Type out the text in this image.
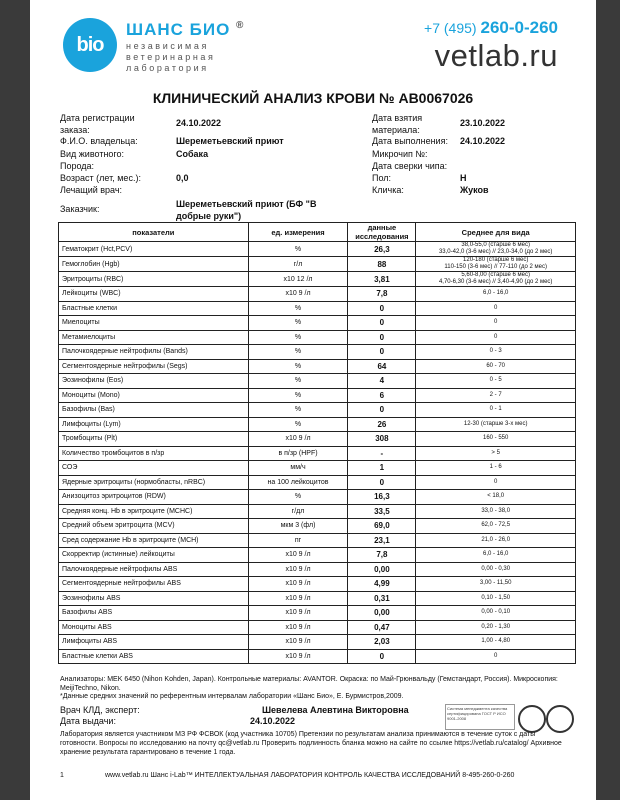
bio
ШАНС БИО ®
независимая
ветеринарная
лаборатория
+7 (495) 260-0-260
vetlab.ru
КЛИНИЧЕСКИЙ АНАЛИЗ КРОВИ № АВ0067026
Дата регистрации заказа:
24.10.2022
Ф.И.О. владельца:	Шереметьевский приют
Вид животного:	Собака
Порода:
Возраст (лет, мес.):	0,0
Лечащий врач:
Заказчик:	Шереметьевский приют (БФ "В добрые руки")
Дата взятия материала:
23.10.2022
Дата выполнения: 24.10.2022
Микрочип №:
Дата сверки чипа:
Пол:	Н
Кличка:	Жуков
показатели	ед. измерения	данные исследования	Среднее для вида
Гематокрит (Hct,PCV)	%	26,3	38,0-55,0 (старше 6 мес)
33,0-42,0 (3-6 мес) // 23,0-34,0 (до 2 мес)
Гемоглобин (Hgb)	г/л	88	120-180 (старше 6 мес)
110-150 (3-6 мес) // 77-110 (до 2 мес)
Эритроциты (RBC)	x10 12 /л	3,81	5,60-8,00 (старше 6 мес)
4,70-6,30 (3-6 мес) // 3,40-4,90 (до 2 мес)
Лейкоциты (WBC)	x10 9 /л	7,8	6,0 - 16,0
Бластные клетки	%	0	0
Миелоциты	%	0	0
Метамиелоциты	%	0	0
Палочкоядерные нейтрофилы (Bands)	%	0	0 - 3
Сегментоядерные нейтрофилы (Segs)	%	64	60 - 70
Эозинофилы (Eos)	%	4	0 - 5
Моноциты (Mono)	%	6	2 - 7
Базофилы (Bas)	%	0	0 - 1
Лимфоциты (Lym)	%	26	12-30 (старше 3-х мес)
Тромбоциты (Plt)	x10 9 /л	308	160 - 550
Количество тромбоцитов в п/зр	в п/зр (HPF)	-	> 5
СОЭ	мм/ч	1	1 - 6
Ядерные эритроциты (нормобласты, nRBC)	на 100 лейкоцитов	0	0
Анизоцитоз эритроцитов (RDW)	%	16,3	< 18,0
Средняя конц. Hb в эритроците (MCHC)	г/дл	33,5	33,0 - 38,0
Средний объем эритроцита (MCV)	мкм 3 (фл)	69,0	62,0 - 72,5
Сред содержание Hb в эритроците (MCH)	пг	23,1	21,0 - 26,0
Скорректир (истинные) лейкоциты	x10 9 /л	7,8	6,0 - 16,0
Палочкоядерные нейтрофилы ABS	x10 9 /л	0,00	0,00 - 0,30
Сегментоядерные нейтрофилы ABS	x10 9 /л	4,99	3,00 - 11,50
Эозинофилы ABS	x10 9 /л	0,31	0,10 - 1,50
Базофилы ABS	x10 9 /л	0,00	0,00 - 0,10
Моноциты ABS	x10 9 /л	0,47	0,20 - 1,30
Лимфоциты ABS	x10 9 /л	2,03	1,00 - 4,80
Бластные клетки ABS	x10 9 /л	0	0
Анализаторы: MEK 6450 (Nihon Kohden, Japan). Контрольные материалы: AVANTOR. Окраска: по Май-Грюнвальду (Гемстандарт, Россия). Микроскопия: MeijiTechno, Nikon.
*Данные средних значений по референтным интервалам лаборатории «Шанс Био», Е. Бурмистров,2009.
Врач КЛД, эксперт:	Шевелева Алевтина Викторовна
Дата выдачи:	24.10.2022
Система менеджмента качества сертифицирована ГОСТ Р ИСО 9001-2008
Лаборатория является участником МЗ РФ ФСВОК (код участника 10705) Претензии по результатам анализа принимаются в течение суток с даты готовности. Вопросы по исследованию на почту qc@vetlab.ru Проверить подлинность бланка можно на сайте по ссылке https://vetlab.ru/catalog/ Архивное хранение результата гарантировано в течение 1 года.
1	www.vetlab.ru Шанс i-Lab™ ИНТЕЛЛЕКТУАЛЬНАЯ ЛАБОРАТОРИЯ КОНТРОЛЬ КАЧЕСТВА ИССЛЕДОВАНИЙ 8-495-260-0-260
